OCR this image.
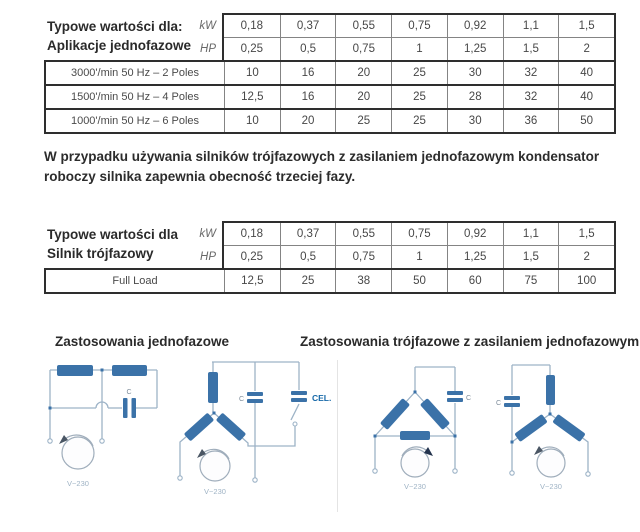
Typowe wartości dla:
Aplikacje jednofazowe
kW
HP
0,18	0,37	0,55	0,75	0,92	1,1	1,5
0,25	0,5	0,75	1	1,25	1,5	2
3000'/min 50 Hz – 2 Poles	10	16	20	25	30	32	40
1500'/min 50 Hz – 4 Poles	12,5	16	20	25	28	32	40
1000'/min 50 Hz – 6 Poles	10	20	25	25	30	36	50
W przypadku używania silników trójfazowych z zasilaniem jednofazowym kondensator roboczy silnika zapewnia obecność trzeciej fazy.
Typowe wartości dla
Silnik trójfazowy
kW
HP
0,18	0,37	0,55	0,75	0,92	1,1	1,5
0,25	0,5	0,75	1	1,25	1,5	2
Full Load	12,5	25	38	50	60	75	100
Zastosowania jednofazowe	Zastosowania trójfazowe z zasilaniem jednofazowym
C
V~230
C	CEL.
V~230
C
V~230
C
V~230
